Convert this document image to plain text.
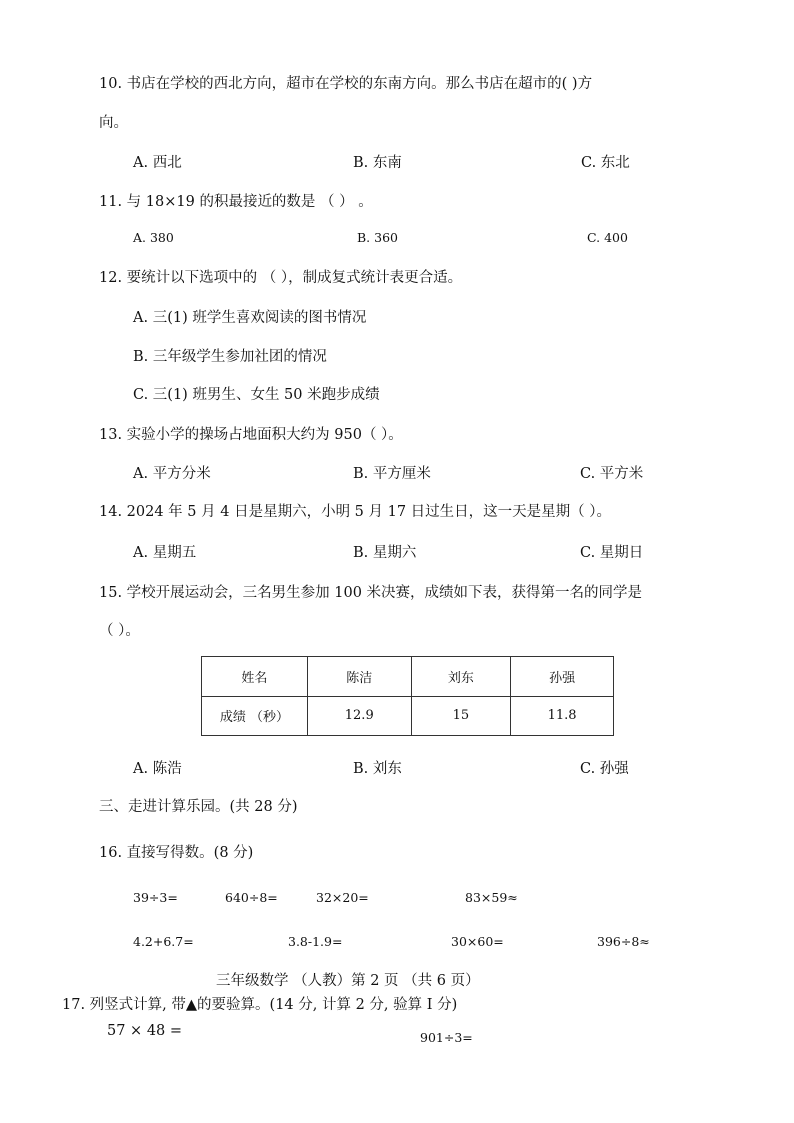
10. 书店在学校的西北方向，超市在学校的东南方向。那么书店在超市的( )方
向。
A. 西北	B. 东南	C. 东北
11. 与 18×19 的积最接近的数是 （ ） 。
A. 380	B. 360	C. 400
12. 要统计以下选项中的 （ ），制成复式统计表更合适。
A. 三(1) 班学生喜欢阅读的图书情况
B. 三年级学生参加社团的情况
C. 三(1) 班男生、女生 50 米跑步成绩
13. 实验小学的操场占地面积大约为 950（ ）。
A. 平方分米	B. 平方厘米	C. 平方米
14. 2024 年 5 月 4 日是星期六，小明 5 月 17 日过生日，这一天是星期（ ）。
A. 星期五	B. 星期六	C. 星期日
15. 学校开展运动会，三名男生参加 100 米决赛，成绩如下表，获得第一名的同学是
（ ）。
姓名	陈洁	刘东	孙强
成绩 （秒）	12.9	15	11.8
A. 陈浩	B. 刘东	C. 孙强
三、走进计算乐园。(共 28 分)
16. 直接写得数。(8 分)
39÷3=	640÷8=	32×20=	83×59≈
4.2+6.7=	3.8-1.9=	30×60=	396÷8≈
三年级数学 （人教）第 2 页 （共 6 页）
17. 列竖式计算, 带▲的要验算。(14 分, 计算 2 分, 验算 I 分)
57 × 48 =	901÷3=
